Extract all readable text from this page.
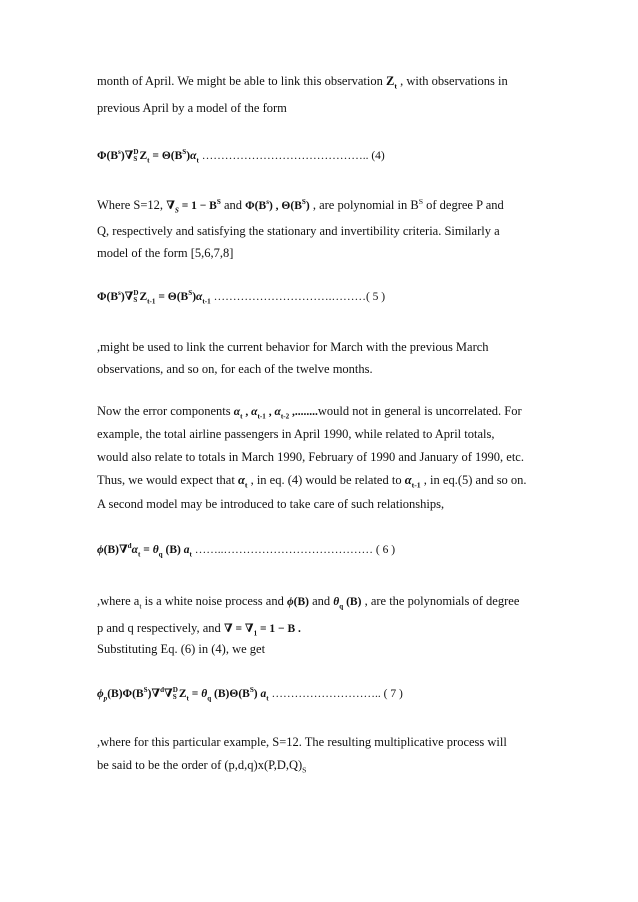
month of April. We might be able to link this observation $Z_t$ , with observations in
previous April by a model of the form
$\Phi(B^s)\nabla$ D
S $Z_t = \Theta(B^S)\alpha_t$ …………………………………….. (4)
Where S=12, $\nabla_S = 1 - B^S$ and $\Phi(B^s)$ , $\Theta(B^S)$ , are polynomial in $B^S$ of degree P and
Q, respectively and satisfying the stationary and invertibility criteria. Similarly a
model of the form [5,6,7,8]
$\Phi(B^s)\nabla$ D
S $Z_{t-1} = \Theta(B^S)\alpha_{t-1}$ ………………………….………( 5 )
,might be used to link the current behavior for March with the previous March
observations, and so on, for each of the twelve months.
Now the error components $\alpha_t$ , $\alpha_{t-1}$ , $\alpha_{t-2}$ ,........would not in general is uncorrelated. For
example, the total airline passengers in April 1990, while related to April totals,
would also relate to totals in March 1990, February of 1990 and January of 1990, etc.
Thus, we would expect that $\alpha_t$ , in eq. (4) would be related to $\alpha_{t-1}$ , in eq.(5) and so on.
A second model may be introduced to take care of such relationships,
$\phi(B)\nabla^d\alpha_t = \theta_q$ (B) $a_t$ ……..………………………………… ( 6 )
,where $a_t$ is a white noise process and ϕ(B) and $\theta_q$ (B) , are the polynomials of degree
p and q respectively, and ∇ = $\nabla_1 = 1 - B$ .
Substituting Eq. (6) in (4), we get
$\phi_p(B)\Phi(B^S)\nabla^d\nabla$ D
S $Z_t = \theta_q$ $(B)\Theta(B^S)$ $a_t$ ……………………….. ( 7 )
,where for this particular example, S=12. The resulting multiplicative process will
be said to be the order of $(p,d,q)x(P,D,Q)_S$
